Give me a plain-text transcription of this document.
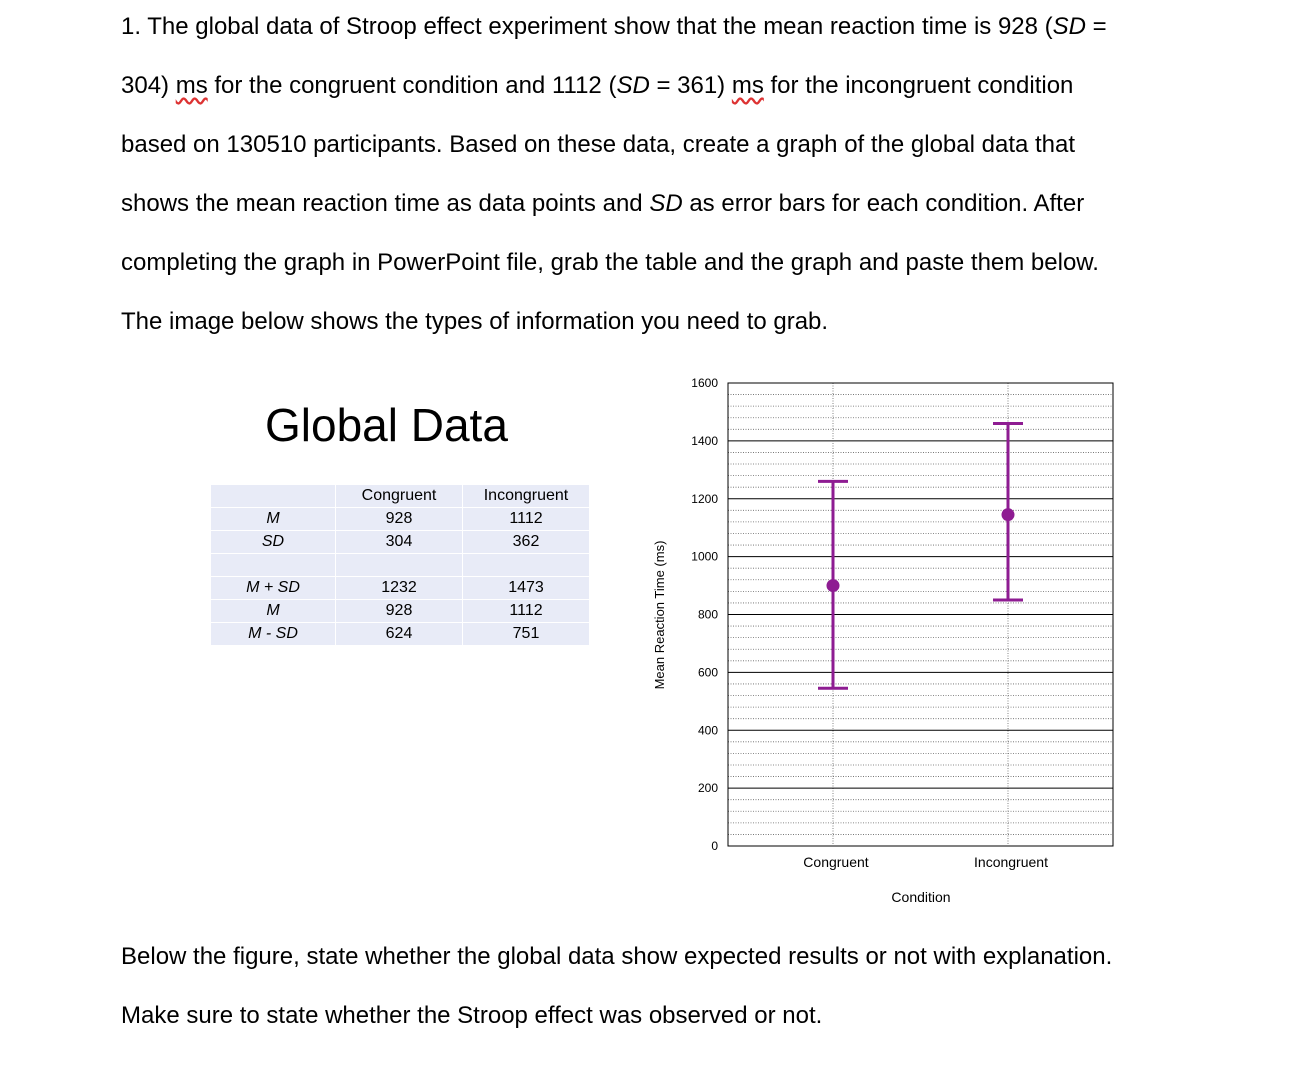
1. The global data of Stroop effect experiment show that the mean reaction time is 928 (SD =
304) ms for the congruent condition and 1112 (SD = 361) ms for the incongruent condition
based on 130510 participants. Based on these data, create a graph of the global data that
shows the mean reaction time as data points and SD as error bars for each condition. After
completing the graph in PowerPoint file, grab the table and the graph and paste them below.
The image below shows the types of information you need to grab.
Global Data
	Congruent	Incongruent
M	928	1112
SD	304	362

M + SD	1232	1473
M	928	1112
M - SD	624	751
0
200
400
600
800
1000
1200
1400
1600
Congruent	Incongruent
Condition
Mean Reaction Time (ms)
Below the figure, state whether the global data show expected results or not with explanation.
Make sure to state whether the Stroop effect was observed or not.
